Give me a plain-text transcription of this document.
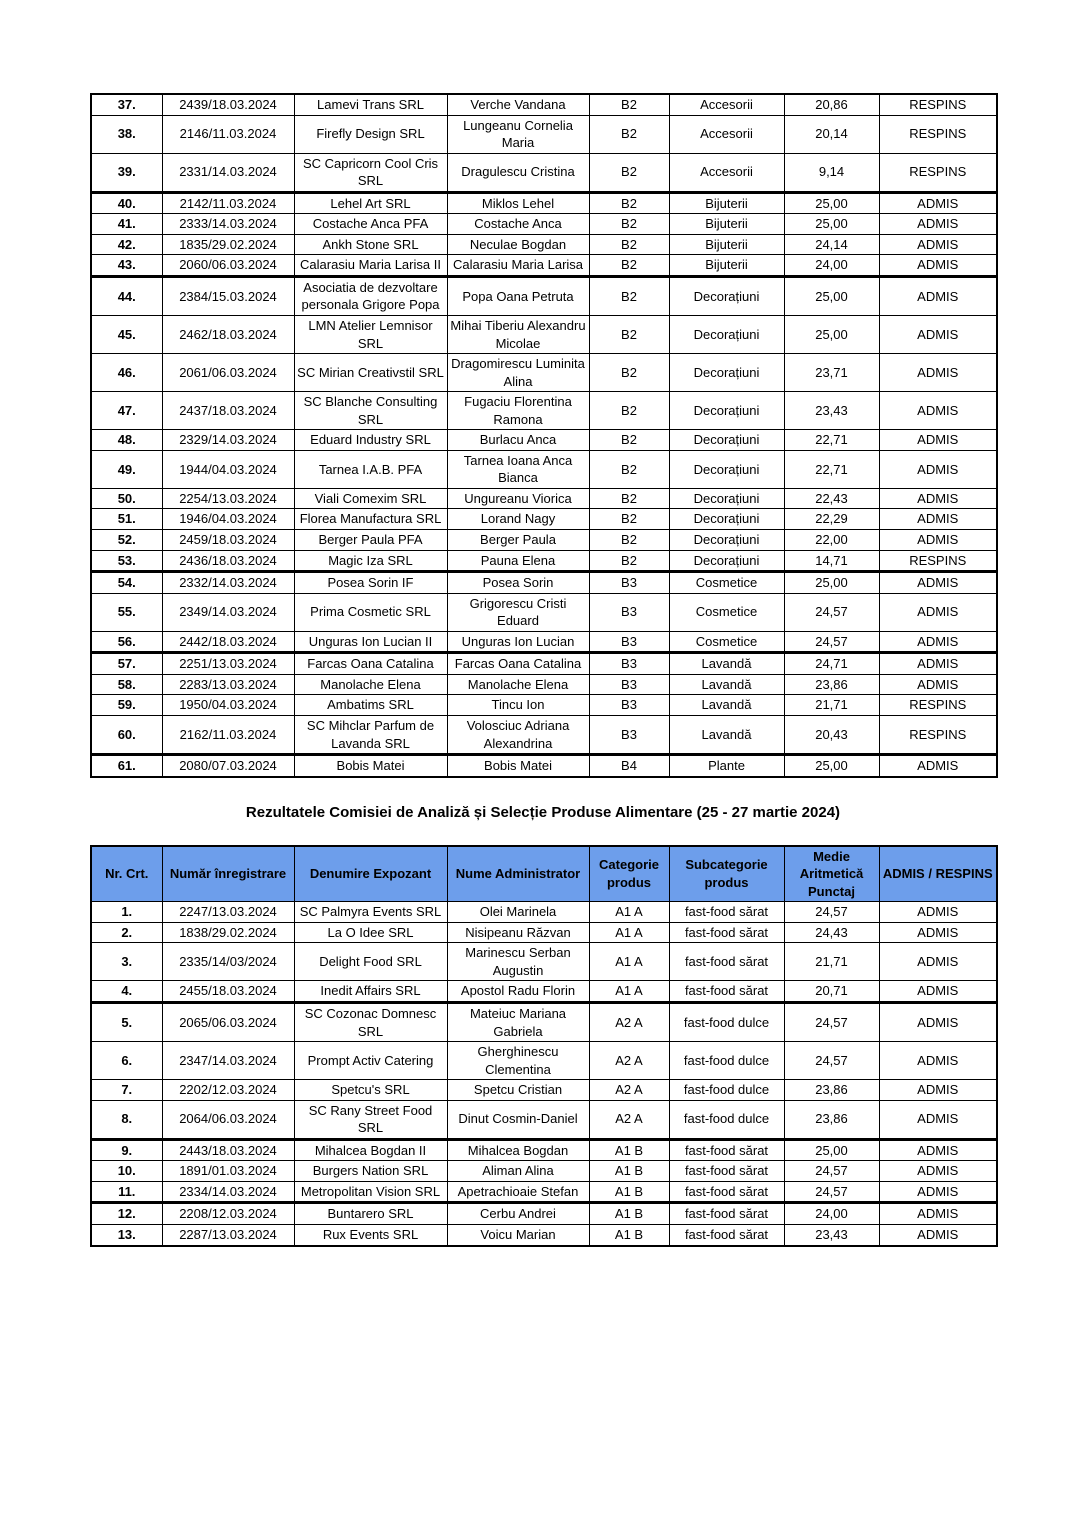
37.	2439/18.03.2024	Lamevi Trans SRL	Verche Vandana	B2	Accesorii	20,86	RESPINS
38.	2146/11.03.2024	Firefly Design SRL	Lungeanu Cornelia Maria	B2	Accesorii	20,14	RESPINS
39.	2331/14.03.2024	SC Capricorn Cool Cris SRL	Dragulescu Cristina	B2	Accesorii	9,14	RESPINS
40.	2142/11.03.2024	Lehel Art SRL	Miklos Lehel	B2	Bijuterii	25,00	ADMIS
41.	2333/14.03.2024	Costache Anca PFA	Costache Anca	B2	Bijuterii	25,00	ADMIS
42.	1835/29.02.2024	Ankh Stone SRL	Neculae Bogdan	B2	Bijuterii	24,14	ADMIS
43.	2060/06.03.2024	Calarasiu Maria Larisa II	Calarasiu Maria Larisa	B2	Bijuterii	24,00	ADMIS
44.	2384/15.03.2024	Asociatia de dezvoltare personala Grigore Popa	Popa Oana Petruta	B2	Decorațiuni	25,00	ADMIS
45.	2462/18.03.2024	LMN Atelier Lemnisor SRL	Mihai Tiberiu Alexandru Micolae	B2	Decorațiuni	25,00	ADMIS
46.	2061/06.03.2024	SC Mirian Creativstil SRL	Dragomirescu Luminita Alina	B2	Decorațiuni	23,71	ADMIS
47.	2437/18.03.2024	SC Blanche Consulting SRL	Fugaciu Florentina Ramona	B2	Decorațiuni	23,43	ADMIS
48.	2329/14.03.2024	Eduard Industry SRL	Burlacu Anca	B2	Decorațiuni	22,71	ADMIS
49.	1944/04.03.2024	Tarnea I.A.B. PFA	Tarnea Ioana Anca Bianca	B2	Decorațiuni	22,71	ADMIS
50.	2254/13.03.2024	Viali Comexim SRL	Ungureanu Viorica	B2	Decorațiuni	22,43	ADMIS
51.	1946/04.03.2024	Florea Manufactura SRL	Lorand Nagy	B2	Decorațiuni	22,29	ADMIS
52.	2459/18.03.2024	Berger Paula PFA	Berger Paula	B2	Decorațiuni	22,00	ADMIS
53.	2436/18.03.2024	Magic Iza SRL	Pauna Elena	B2	Decorațiuni	14,71	RESPINS
54.	2332/14.03.2024	Posea Sorin IF	Posea Sorin	B3	Cosmetice	25,00	ADMIS
55.	2349/14.03.2024	Prima Cosmetic SRL	Grigorescu Cristi Eduard	B3	Cosmetice	24,57	ADMIS
56.	2442/18.03.2024	Unguras Ion Lucian II	Unguras Ion Lucian	B3	Cosmetice	24,57	ADMIS
57.	2251/13.03.2024	Farcas Oana Catalina	Farcas Oana Catalina	B3	Lavandă	24,71	ADMIS
58.	2283/13.03.2024	Manolache Elena	Manolache Elena	B3	Lavandă	23,86	ADMIS
59.	1950/04.03.2024	Ambatims SRL	Tincu Ion	B3	Lavandă	21,71	RESPINS
60.	2162/11.03.2024	SC Mihclar Parfum de Lavanda SRL	Volosciuc Adriana Alexandrina	B3	Lavandă	20,43	RESPINS
61.	2080/07.03.2024	Bobis Matei	Bobis Matei	B4	Plante	25,00	ADMIS
Rezultatele Comisiei de Analiză și Selecție Produse Alimentare (25 - 27 martie 2024)
Nr. Crt.	Număr înregistrare	Denumire Expozant	Nume Administrator	Categorie produs	Subcategorie produs	Medie Aritmetică Punctaj	ADMIS / RESPINS
1.	2247/13.03.2024	SC Palmyra Events SRL	Olei Marinela	A1 A	fast-food sărat	24,57	ADMIS
2.	1838/29.02.2024	La O Idee SRL	Nisipeanu Răzvan	A1 A	fast-food sărat	24,43	ADMIS
3.	2335/14/03/2024	Delight Food SRL	Marinescu Serban Augustin	A1 A	fast-food sărat	21,71	ADMIS
4.	2455/18.03.2024	Inedit Affairs SRL	Apostol Radu Florin	A1 A	fast-food sărat	20,71	ADMIS
5.	2065/06.03.2024	SC Cozonac Domnesc SRL	Mateiuc Mariana Gabriela	A2 A	fast-food dulce	24,57	ADMIS
6.	2347/14.03.2024	Prompt Activ Catering	Gherghinescu Clementina	A2 A	fast-food dulce	24,57	ADMIS
7.	2202/12.03.2024	Spetcu's SRL	Spetcu Cristian	A2 A	fast-food dulce	23,86	ADMIS
8.	2064/06.03.2024	SC Rany Street Food SRL	Dinut Cosmin-Daniel	A2 A	fast-food dulce	23,86	ADMIS
9.	2443/18.03.2024	Mihalcea Bogdan II	Mihalcea Bogdan	A1 B	fast-food sărat	25,00	ADMIS
10.	1891/01.03.2024	Burgers Nation SRL	Aliman Alina	A1 B	fast-food sărat	24,57	ADMIS
11.	2334/14.03.2024	Metropolitan Vision SRL	Apetrachioaie Stefan	A1 B	fast-food sărat	24,57	ADMIS
12.	2208/12.03.2024	Buntarero SRL	Cerbu Andrei	A1 B	fast-food sărat	24,00	ADMIS
13.	2287/13.03.2024	Rux Events SRL	Voicu Marian	A1 B	fast-food sărat	23,43	ADMIS
